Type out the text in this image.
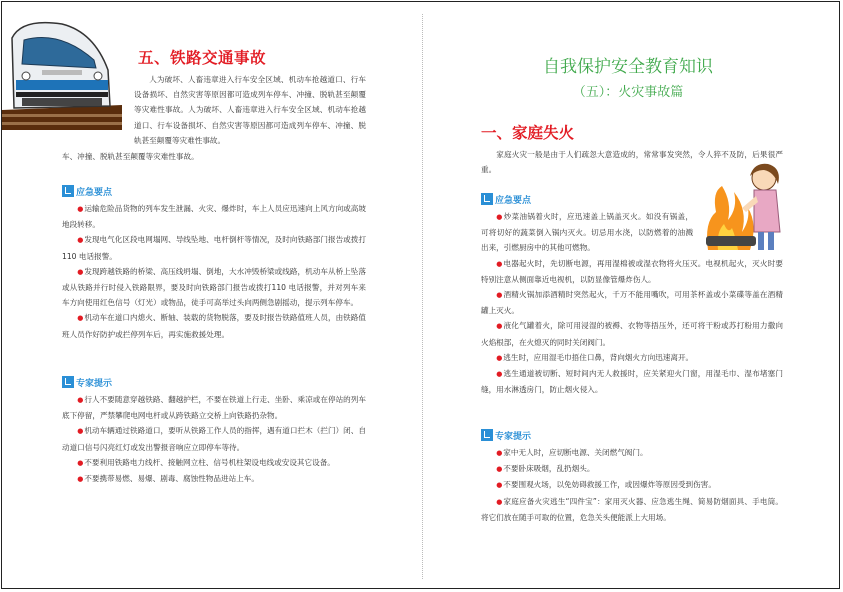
五、铁路交通事故

人为破坏、人畜违章进入行车安全区域、机动车抢越道口、行车设备损坏、自然灾害等原因都可造成列车停车、冲撞、脱轨甚至颠覆等灾难性事故。人为破坏、人畜违章进入行车安全区域、机动车抢越道口、行车设备损坏、自然灾害等原因都可造成列车停车、冲撞、脱轨甚至颠覆等灾难性事故。

车、冲撞、脱轨甚至颠覆等灾难性事故。

应急要点

● 运输危险品货物的列车发生泄漏、火灾、爆炸时，车上人员应迅速向上风方向或高坡地段转移。

● 发现电气化区段电网塌网、导线坠地、电杆倒杆等情况，及时向铁路部门报告或拨打110 电话报警。

● 发现跨越铁路的桥梁、高压线坍塌、倒地，大水冲毁桥梁或线路，机动车从桥上坠落或从铁路并行时侵入铁路限界，要及时向铁路部门报告或拨打110 电话报警，并对列车来车方向使用红色信号（灯光）或物品，徒手可高举过头向两侧急剧摇动，提示列车停车。

● 机动车在道口内熄火、断轴、装载的货物脱落，要及时报告铁路值班人员，由铁路值班人员作好防护或拦停列车后，再实施救援处理。

专家提示

● 行人不要随意穿越铁路、翻越护栏，不要在铁道上行走、坐卧、乘凉或在停站的列车底下停留，严禁攀爬电网电杆或从跨铁路立交桥上向铁路扔杂物。

● 机动车辆通过铁路道口，要听从铁路工作人员的指挥，遇有道口拦木（拦门）闭、自动道口信号闪亮红灯或发出警报音响应立即停车等待。

● 不要利用铁路电力线杆、接触网立柱、信号机柱架设电线或安设其它设备。

● 不要携带易燃、易爆、剧毒、腐蚀性物品进站上车。

自我保护安全教育知识
（五）：火灾事故篇
一、家庭失火

家庭火灾一般是由于人们疏忽大意造成的，常常事发突然，令人猝不及防，后果很严重。

应急要点

● 炒菜油锅着火时，应迅速盖上锅盖灭火。如没有锅盖，可将切好的蔬菜倒入锅内灭火。切忌用水浇，以防燃着的油溅出来，引燃厨房中的其他可燃物。

● 电器起火时，先切断电源，再用湿棉被或湿衣物将火压灭。电视机起火，灭火时要特别注意从侧面靠近电视机，以防显像管爆炸伤人。

● 酒精火锅加添酒精时突然起火，千万不能用嘴吹，可用茶杯盖或小菜碟等盖在酒精罐上灭火。

● 液化气罐着火，除可用浸湿的被褥、衣物等捂压外，还可将干粉或苏打粉用力撒向火焰根部，在火熄灭的同时关闭阀门。

● 逃生时，应用湿毛巾捂住口鼻，背向烟火方向迅速离开。

● 逃生通道被切断、短时间内无人救援时，应关紧迎火门窗，用湿毛巾、湿布堵塞门缝，用水淋透房门，防止烟火侵入。

专家提示

● 家中无人时，应切断电源、关闭燃气阀门。

● 不要卧床吸烟，乱扔烟头。

● 不要围观火场，以免妨碍救援工作，或因爆炸等原因受到伤害。

● 家庭应备火灾逃生“四件宝”：家用灭火器、应急逃生绳、简易防烟面具、手电筒。将它们放在随手可取的位置，危急关头便能派上大用场。
